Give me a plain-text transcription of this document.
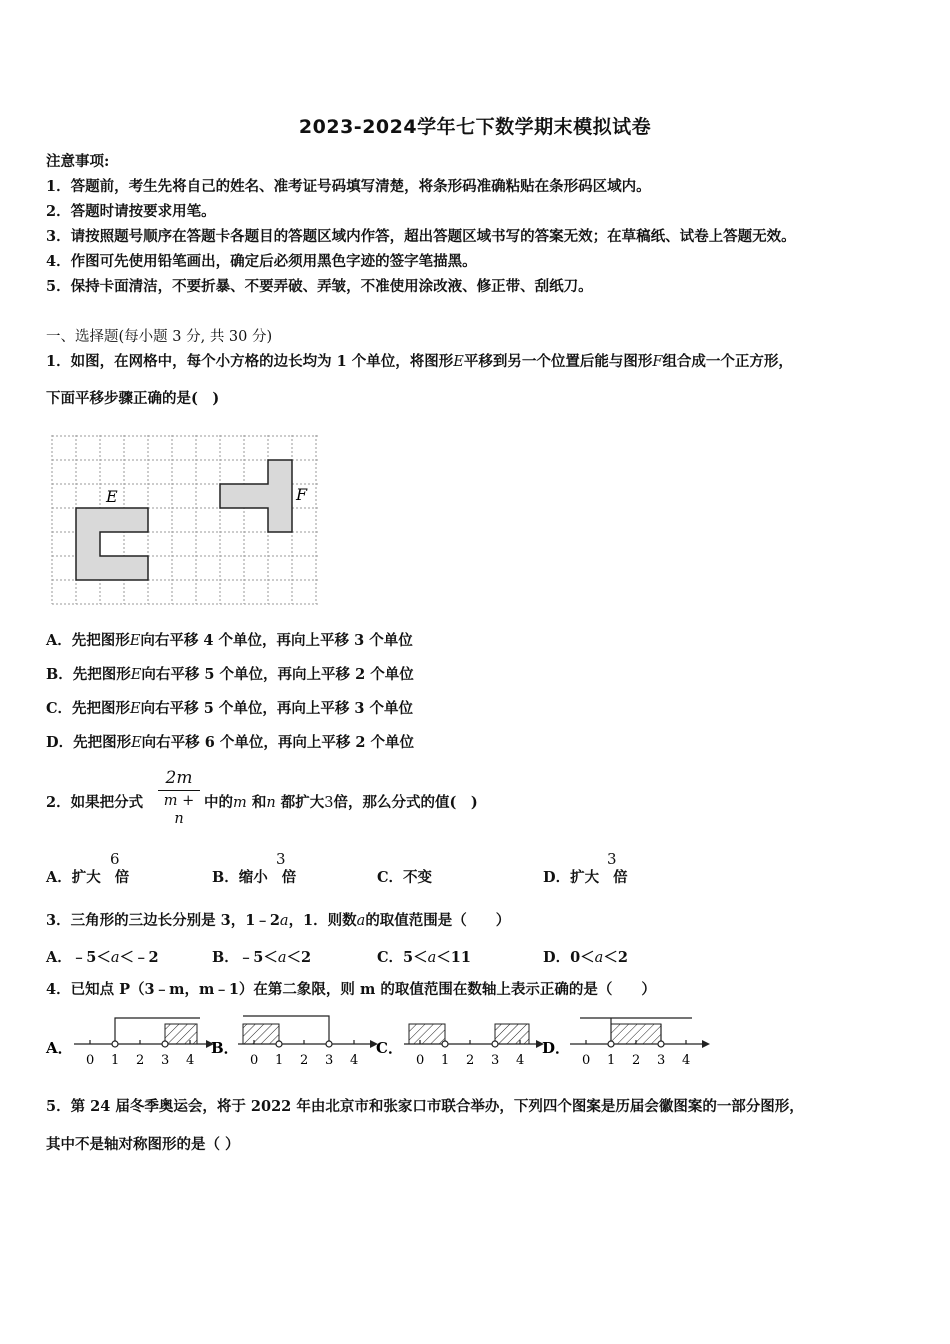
2023-2024学年七下数学期末模拟试卷
注意事项:
1．答题前，考生先将自己的姓名、准考证号码填写清楚，将条形码准确粘贴在条形码区域内。
2．答题时请按要求用笔。
3．请按照题号顺序在答题卡各题目的答题区域内作答，超出答题区域书写的答案无效；在草稿纸、试卷上答题无效。
4．作图可先使用铅笔画出，确定后必须用黑色字迹的签字笔描黑。
5．保持卡面清洁，不要折暴、不要弄破、弄皱，不准使用涂改液、修正带、刮纸刀。
一、选择题(每小题 3 分, 共 30 分)
1．如图，在网格中，每个小方格的边长均为 1 个单位，将图形E平移到另一个位置后能与图形F组合成一个正方形，
下面平移步骤正确的是(　)
E	F
A．先把图形E向右平移 4 个单位，再向上平移 3 个单位
B．先把图形E向右平移 5 个单位，再向上平移 2 个单位
C．先把图形E向右平移 5 个单位，再向上平移 3 个单位
D．先把图形E向右平移 6 个单位，再向上平移 2 个单位
2．如果把分式
2m
m + n
中的m 和n 都扩大3倍，那么分式的值(　)
A．扩大
6
倍	B．缩小
3
倍	C．不变	D．扩大
3
倍
3．三角形的三边长分别是 3，1﹣2a，1．则数a的取值范围是（　　）
A．﹣5＜a＜﹣2	B．﹣5＜a＜2	C．5＜a＜11	D．0＜a＜2
4．已知点 P（3﹣m，m﹣1）在第二象限，则 m 的取值范围在数轴上表示正确的是（　　）
A．
0 1 2 3 4
B．
0 1 2 3 4
C．
0 1 2 3 4
D．
0 1 2 3 4
5．第 24 届冬季奥运会，将于 2022 年由北京市和张家口市联合举办，下列四个图案是历届会徽图案的一部分图形，
其中不是轴对称图形的是（ ）
